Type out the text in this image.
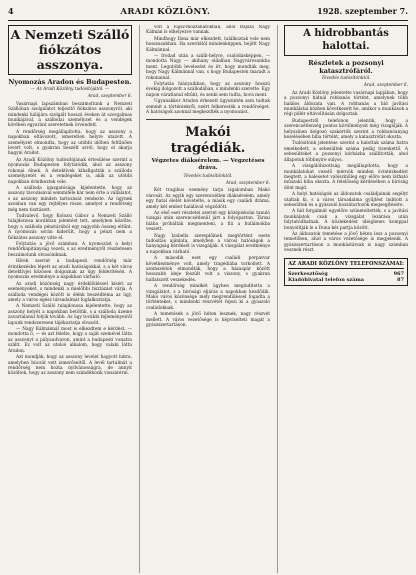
4	ARADI KÖZLÖNY.	1928. szeptember 7.
A Nemzeti Szálló
fiókzátos asszonya.
Nyomozás Aradon és Budapesten.
— Az Aradi Közlöny tudósítójától. —
Arad, szeptember 6.

Vasárnapi lapszámban beszámoltunk a Nemzeti Szállóban szolgálatot teljesítő fiókzátos asszonyról, aki mindenki hálájára szolgált hosszú éveken át szorgalmas munkájával, a szállodai személyzet és a vendégek körében egyaránt szeretetnek örvendett.

A rendőrség megállapította, hogy az asszony a napokban eltávozott, ismeretlen helyre utazott. A személyzet elmondta, hogy az utóbbi időben feltűnően levert volt, s gyakran beszélt arról, hogy el akarja hagyni Aradot.

Az Aradi Közlöny tudósítójának értesülése szerint a nyomozás Budapesten folytatódik, ahol az asszony rokonai élnek. A detektívek kihallgatták a szálloda személyzetét és a vendégeket is, akik az utóbbi napokban érintkeztek vele.

A szálloda igazgatósága kijelentette, hogy az asszony távozásával semmiféle kár nem érte a vállalatot, s az asszony minden tartozását rendezte. Az ügynek azonban van egy rejtélyes része, amelyet a rendőrség még nem tisztázott.

Tudvalevő, hogy Kolozsi Gábor a Nemzeti Szálló tulajdonosa korábban jelentést tett, amelyben közölte, hogy a szálloda pénztárából egy nagyobb összeg eltűnt. A nyomozás során kiderült, hogy a pénzt nem a fiókzátos asszony vitte el.

Folytatás a jövő számban. A nyomozást a helyi rendőrkapitányság vezeti, s az eredményről részletesen beszámolunk olvasóinknak.

Hírek szerint a budapesti rendőrség már érintkezésbe lépett az aradi hatóságokkal, s a két város detektívjei közösen dolgoznak az ügy felderítésén. A nyomozás eredménye a napokban várható.

Az aradi közönség nagy érdeklődéssel kíséri az eseményeket, s mindenki a mielőbbi tisztázást várja. A szálloda vendégei között is élénk beszédtéma az ügy, amely a város egész társadalmát foglalkoztatja.

A Nemzeti Szálló tulajdonosa kijelentette, hogy az asszony helyét a napokban betöltik, s a szálloda üzeme zavartalanul folyik tovább. Az ügy további fejleményeiről lapunk rendszeresen tájékoztatja olvasóit.

— Nagy Kálmánnál most is elkezdtem e kérdést. — mondotta ő, — és azt felelte, hogy a saját szemével látta az asszonyt a pályaudvaron, amint a budapesti vonatra szállt. Ez volt az utolsó alkalom, hogy valaki látta Aradon.

Azt mondják, hogy az asszony levelet hagyott hátra, amelyben búcsút vett ismerőseitől. A levél tartalmát a rendőrség nem hozta nyilvánosságra, de annyit közöltek, hogy az asszony nem szándékozik visszatérni.

volt a Fajsz-mozzanatokban, ahol Bajsza Nagy Kálmán is elhelyezve vannak.

Mindhogy Ilona már elkezdett, találkoztak vele nem hosszasabban. Ha szerdától mindenképpen, bejött Nagy Kálmánnal.

— Irodad után a szálli-helyre, csalódásképpen, — mondotta Nagy — akihány oldalban Nagyvárosunkba ment. Legutóbb levelezést és írt, hogy mondták meg, hogy Nagy Kálmánnál van, s hogy Budapesten maradt a rokonainál.

Folytatás hiányaikban, hogy az asszony hosszú évekig dolgozott a szállodában, s mindenki szerette. Egy napon váratlanul eltűnt, és senki sem tudta, hová ment.

Ugyanakkor Aradon érkezett úgyszintén sem tudtak semmit a történtekről, ezért felkeresték a rendőrséget. A hatóságok azonnal megkezdték a nyomozást.

Makói tragédiák.
Végzetes diáksérelem. — Vegzetéses dráva.
Tévedés tudósítónktól.
Arad, szeptember 6.

Két tragikus esemény tarja izgalomban Makó városát. Az egyik egy szerencsétlen diáksérelem, amely egy fiatal életét követelte, a másik egy családi dráma, amely két ember halálával végződött.

Az első eset részletei szerint egy középiskolai tanuló vizsgái után szerencsétlenül járt a folyóparton. Társai hiába próbálták megmenteni, a fiú a hullámokba veszett.

Nagy Izabella szereplőinek megtörtént esete tudósítás ajánlata, amelyben a városi hatóságok a hanyagság kérdését is vizsgálják. A vizsgálat eredménye a napokban várható.

A második eset egy családi perpatvar következménye volt, amely tragédiába torkollott. A szomszédok elmondták, hogy a házaspár között hosszabb ideje feszült volt a viszony, s gyakran hallatszott veszekedés.

A rendőrség mindkét ügyben megindította a vizsgálatot, s a bírósági eljárás a napokban kezdődik. Makó város közönsége mély megrendüléssel fogadta a történteket, s mindenki részvétét fejezi ki a gyászoló családoknak.

A temetések a jövő héten lesznek, nagy részvét mellett. A város vezetősége is képviselteti magát a gyászszertartáson.

A hidrobbantás halottai.
Részletek a pozsonyi katasztrófáról.
Tévedés tudósítónktól.
Arad, szeptember 6.

Az Aradi Közlöny jelentette vasárnapi lapjában, hogy a pozsonyi hídnál robbanás történt, amelynek több halálos áldozata van. A robbanás a híd javítási munkálatai közben következett be, amikor a munkások a régi pillér eltávolításán dolgoztak.

Budapestről telefonon jelentik, hogy a szerencsétlenség pontos körülményeit még vizsgálják. A helyszínen dolgozó szakértők szerint a robbanóanyag kezelésében hiba történt, amely a katasztrófát okozta.

Tudósítónk jelentése szerint a halottak száma hatra emelkedett, a sebesültek száma pedig tizenkettő. A sebesülteket a pozsonyi kórházba szállították, ahol állapotuk többnyire súlyos.

A vizsgálóbizottság megállapította, hogy a munkálatokat vezető mérnök minden óvintézkedést megtett, a balesetet valószínűleg egy előre nem látható műszaki hiba okozta. A felelősség kérdésében a bíróság dönt majd.

A helyi hatóságok az áldozatok családjainak segélyt utaltak ki, s a város társadalma gyűjtést indított a sebesültek és a gyászoló hozzátartozók megsegítésére.

A híd forgalmát egyelőre szüneteltették, s a javítási munkálatok csak a vizsgálat lezárása után folytatódhatnak. A közlekedést ideiglenes komppal bonyolítják le a Duna két partja között.

Az áldozatok temetése a jövő héten lesz a pozsonyi temetőben, ahol a város vezetősége is megjelenik. A gyászszertartáson a munkástársak is nagy számban vesznek részt.

AZ ARADI KÖZLÖNY TELEFONSZÁMAI:
Szerkesztőség	967
Kiadóhivatal telefon száma	87
